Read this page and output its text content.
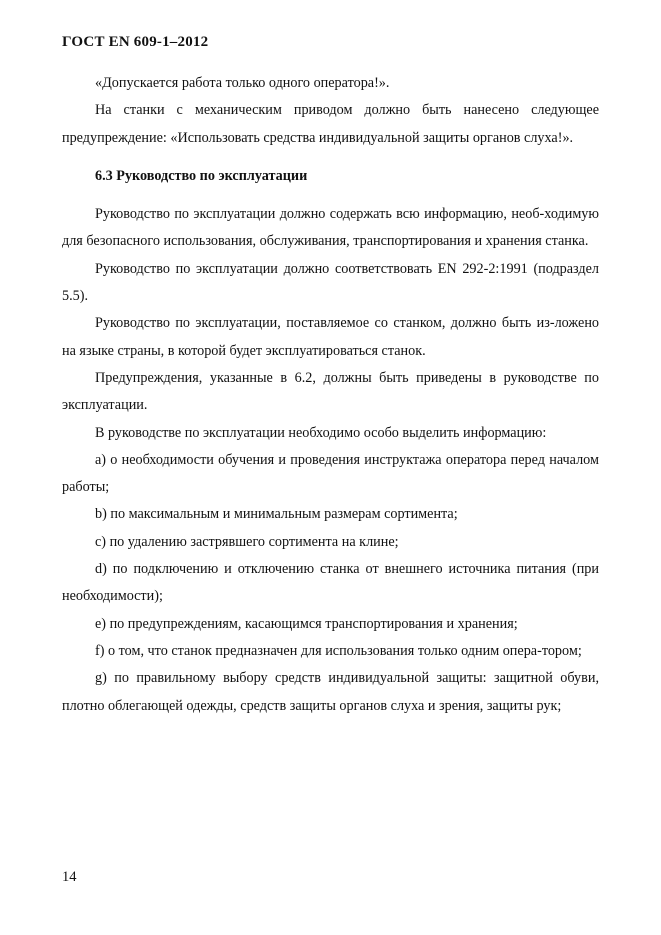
ГОСТ EN 609-1–2012

«Допускается работа только одного оператора!».

На станки с механическим приводом должно быть нанесено следующее предупреждение: «Использовать средства индивидуальной защиты органов слуха!».

6.3 Руководство по эксплуатации

Руководство по эксплуатации должно содержать всю информацию, необ-ходимую для безопасного использования, обслуживания, транспортирования и хранения станка.

Руководство по эксплуатации должно соответствовать EN 292-2:1991 (подраздел 5.5).

Руководство по эксплуатации, поставляемое со станком, должно быть из-ложено на языке страны, в которой будет эксплуатироваться станок.

Предупреждения, указанные в 6.2, должны быть приведены в руководстве по эксплуатации.

В руководстве по эксплуатации необходимо особо выделить информацию:

a) о необходимости обучения и проведения инструктажа оператора перед началом работы;

b) по максимальным и минимальным размерам сортимента;

c) по удалению застрявшего сортимента на клине;

d) по подключению и отключению станка от внешнего источника питания (при необходимости);

e) по предупреждениям, касающимся транспортирования и хранения;

f) о том, что станок предназначен для использования только одним опера-тором;

g) по правильному выбору средств индивидуальной защиты: защитной обуви, плотно облегающей одежды, средств защиты органов слуха и зрения, защиты рук;

14
